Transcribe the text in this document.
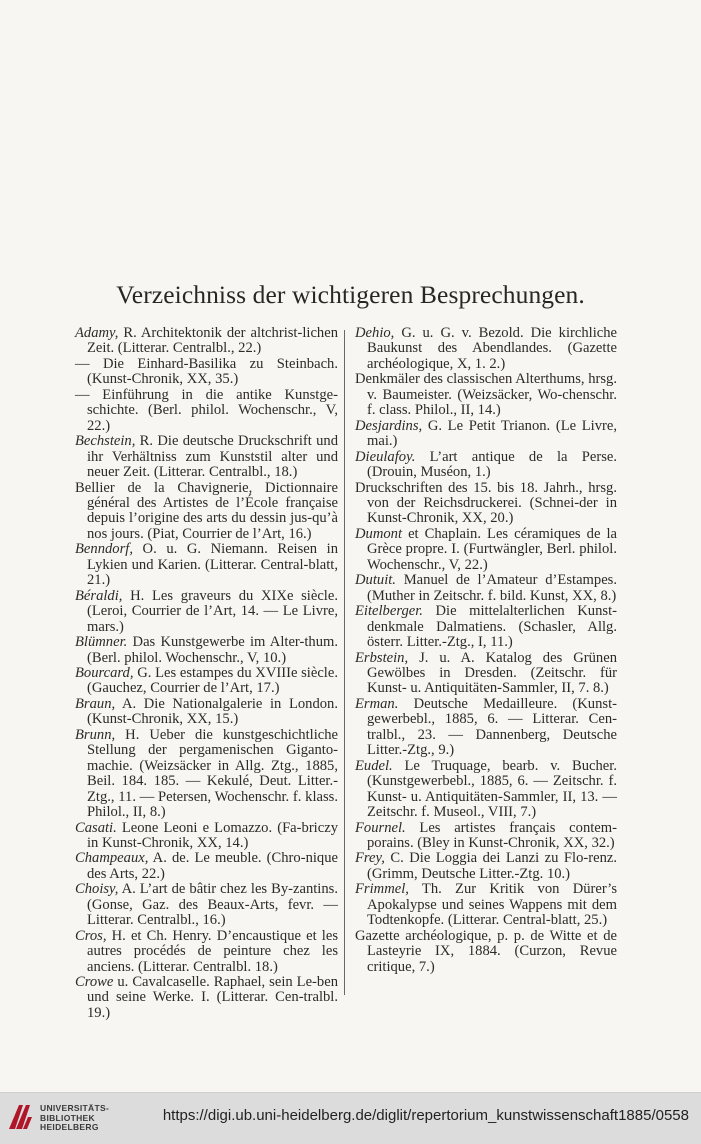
Verzeichniss der wichtigeren Besprechungen.

Adamy, R. Architektonik der altchrist-lichen Zeit. (Litterar. Centralbl., 22.)

— Die Einhard-Basilika zu Steinbach. (Kunst-Chronik, XX, 35.)

— Einführung in die antike Kunstge-schichte. (Berl. philol. Wochenschr., V, 22.)

Bechstein, R. Die deutsche Druckschrift und ihr Verhältniss zum Kunststil alter und neuer Zeit. (Litterar. Centralbl., 18.)

Bellier de la Chavignerie, Dictionnaire général des Artistes de l’École française depuis l’origine des arts du dessin jus-qu’à nos jours. (Piat, Courrier de l’Art, 16.)

Benndorf, O. u. G. Niemann. Reisen in Lykien und Karien. (Litterar. Central-blatt, 21.)

Béraldi, H. Les graveurs du XIXe siècle. (Leroi, Courrier de l’Art, 14. — Le Livre, mars.)

Blümner. Das Kunstgewerbe im Alter-thum. (Berl. philol. Wochenschr., V, 10.)

Bourcard, G. Les estampes du XVIIIe siècle. (Gauchez, Courrier de l’Art, 17.)

Braun, A. Die Nationalgalerie in London. (Kunst-Chronik, XX, 15.)

Brunn, H. Ueber die kunstgeschichtliche Stellung der pergamenischen Giganto-machie. (Weizsäcker in Allg. Ztg., 1885, Beil. 184. 185. — Kekulé, Deut. Litter.-Ztg., 11. — Petersen, Wochenschr. f. klass. Philol., II, 8.)

Casati. Leone Leoni e Lomazzo. (Fa-briczy in Kunst-Chronik, XX, 14.)

Champeaux, A. de. Le meuble. (Chro-nique des Arts, 22.)

Choisy, A. L’art de bâtir chez les By-zantins. (Gonse, Gaz. des Beaux-Arts, fevr. — Litterar. Centralbl., 16.)

Cros, H. et Ch. Henry. D’encaustique et les autres procédés de peinture chez les anciens. (Litterar. Centralbl. 18.)

Crowe u. Cavalcaselle. Raphael, sein Le-ben und seine Werke. I. (Litterar. Cen-tralbl. 19.)

Dehio, G. u. G. v. Bezold. Die kirchliche Baukunst des Abendlandes. (Gazette archéologique, X, 1. 2.)

Denkmäler des classischen Alterthums, hrsg. v. Baumeister. (Weizsäcker, Wo-chenschr. f. class. Philol., II, 14.)

Desjardins, G. Le Petit Trianon. (Le Livre, mai.)

Dieulafoy. L’art antique de la Perse. (Drouin, Muséon, 1.)

Druckschriften des 15. bis 18. Jahrh., hrsg. von der Reichsdruckerei. (Schnei-der in Kunst-Chronik, XX, 20.)

Dumont et Chaplain. Les céramiques de la Grèce propre. I. (Furtwängler, Berl. philol. Wochenschr., V, 22.)

Dutuit. Manuel de l’Amateur d’Estampes. (Muther in Zeitschr. f. bild. Kunst, XX, 8.)

Eitelberger. Die mittelalterlichen Kunst-denkmale Dalmatiens. (Schasler, Allg. österr. Litter.-Ztg., I, 11.)

Erbstein, J. u. A. Katalog des Grünen Gewölbes in Dresden. (Zeitschr. für Kunst- u. Antiquitäten-Sammler, II, 7. 8.)

Erman. Deutsche Medailleure. (Kunst-gewerbebl., 1885, 6. — Litterar. Cen-tralbl., 23. — Dannenberg, Deutsche Litter.-Ztg., 9.)

Eudel. Le Truquage, bearb. v. Bucher. (Kunstgewerbebl., 1885, 6. — Zeitschr. f. Kunst- u. Antiquitäten-Sammler, II, 13. — Zeitschr. f. Museol., VIII, 7.)

Fournel. Les artistes français contem-porains. (Bley in Kunst-Chronik, XX, 32.)

Frey, C. Die Loggia dei Lanzi zu Flo-renz. (Grimm, Deutsche Litter.-Ztg. 10.)

Frimmel, Th. Zur Kritik von Dürer’s Apokalypse und seines Wappens mit dem Todtenkopfe. (Litterar. Central-blatt, 25.)

Gazette archéologique, p. p. de Witte et de Lasteyrie IX, 1884. (Curzon, Revue critique, 7.)

UNIVERSITÄTS-
BIBLIOTHEK
HEIDELBERG
https://digi.ub.uni-heidelberg.de/diglit/repertorium_kunstwissenschaft1885/0558
